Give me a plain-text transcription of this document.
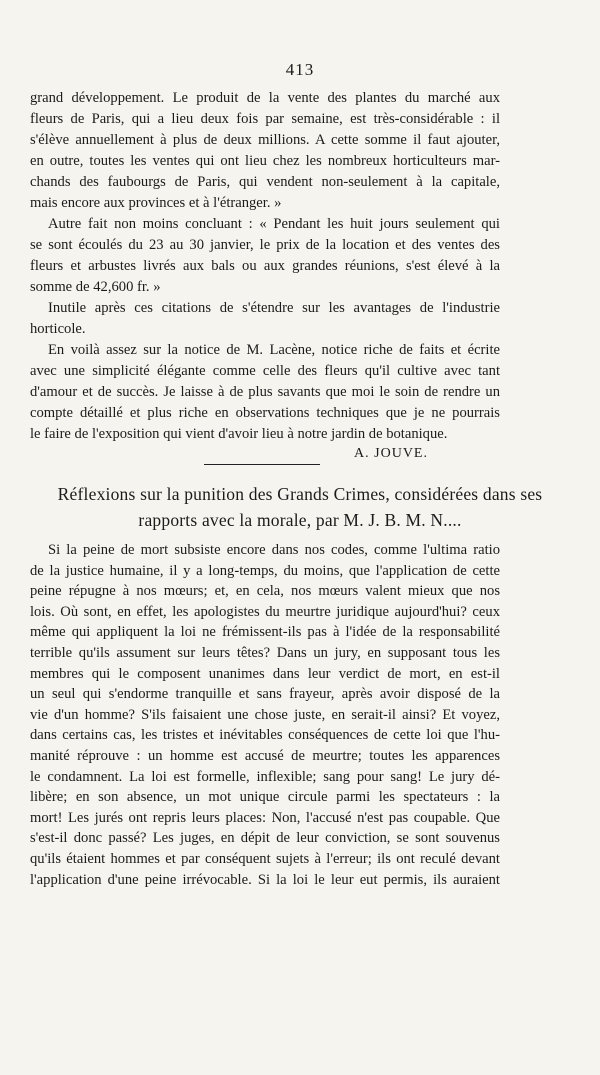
413
grand développement. Le produit de la vente des plantes du marché aux
fleurs de Paris, qui a lieu deux fois par semaine, est très-considérable : il
s'élève annuellement à plus de deux millions. A cette somme il faut ajouter,
en outre, toutes les ventes qui ont lieu chez les nombreux horticulteurs mar-
chands des faubourgs de Paris, qui vendent non-seulement à la capitale,
mais encore aux provinces et à l'étranger. »
Autre fait non moins concluant : « Pendant les huit jours seulement qui
se sont écoulés du 23 au 30 janvier, le prix de la location et des ventes des
fleurs et arbustes livrés aux bals ou aux grandes réunions, s'est élevé à la
somme de 42,600 fr. »
Inutile après ces citations de s'étendre sur les avantages de l'industrie
horticole.
En voilà assez sur la notice de M. Lacène, notice riche de faits et écrite
avec une simplicité élégante comme celle des fleurs qu'il cultive avec tant
d'amour et de succès. Je laisse à de plus savants que moi le soin de rendre un
compte détaillé et plus riche en observations techniques que je ne pourrais
le faire de l'exposition qui vient d'avoir lieu à notre jardin de botanique.
A. JOUVE.
Réflexions sur la punition des Grands Crimes, considérées dans ses
rapports avec la morale, par M. J. B. M. N....
Si la peine de mort subsiste encore dans nos codes, comme l'ultima ratio
de la justice humaine, il y a long-temps, du moins, que l'application de cette
peine répugne à nos mœurs; et, en cela, nos mœurs valent mieux que nos
lois. Où sont, en effet, les apologistes du meurtre juridique aujourd'hui? ceux
même qui appliquent la loi ne frémissent-ils pas à l'idée de la responsabilité
terrible qu'ils assument sur leurs têtes? Dans un jury, en supposant tous les
membres qui le composent unanimes dans leur verdict de mort, en est-il
un seul qui s'endorme tranquille et sans frayeur, après avoir disposé de la
vie d'un homme? S'ils faisaient une chose juste, en serait-il ainsi? Et voyez,
dans certains cas, les tristes et inévitables conséquences de cette loi que l'hu-
manité réprouve : un homme est accusé de meurtre; toutes les apparences
le condamnent. La loi est formelle, inflexible; sang pour sang! Le jury dé-
libère; en son absence, un mot unique circule parmi les spectateurs : la
mort! Les jurés ont repris leurs places: Non, l'accusé n'est pas coupable. Que
s'est-il donc passé? Les juges, en dépit de leur conviction, se sont souvenus
qu'ils étaient hommes et par conséquent sujets à l'erreur; ils ont reculé devant
l'application d'une peine irrévocable. Si la loi le leur eut permis, ils auraient
